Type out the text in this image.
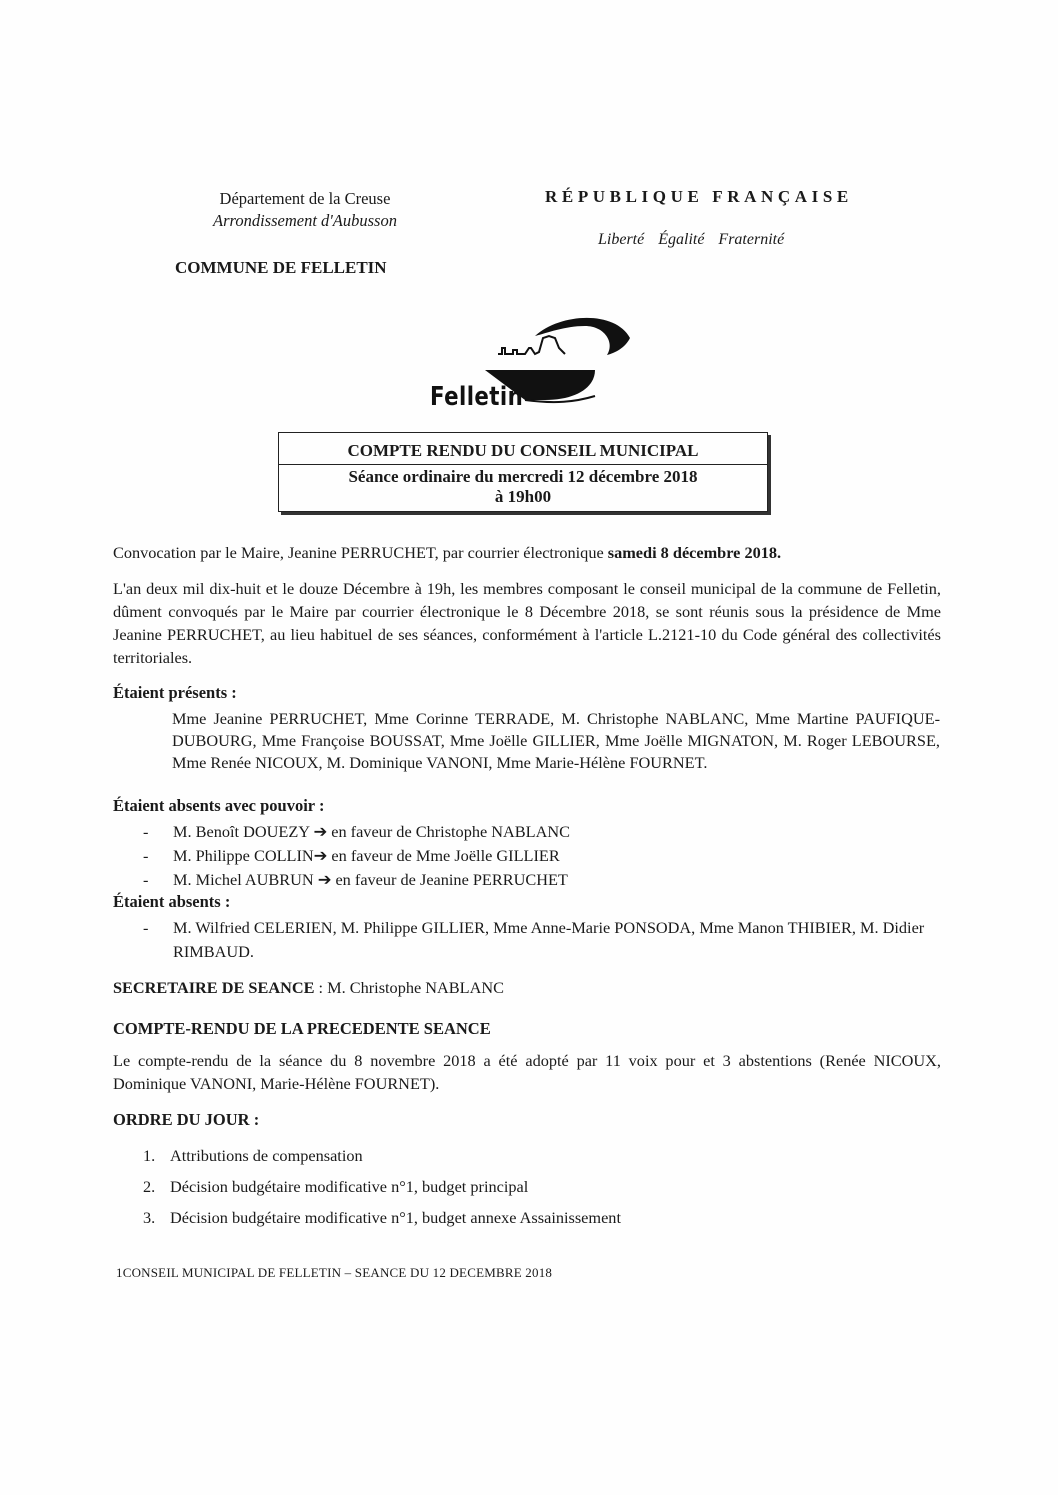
Département de la Creuse
Arrondissement d'Aubusson
COMMUNE DE FELLETIN
RÉPUBLIQUE FRANÇAISE
Liberté Égalité Fraternité
Felletin
COMPTE RENDU DU CONSEIL MUNICIPAL
Séance ordinaire du mercredi 12 décembre 2018
à 19h00
Convocation par le Maire, Jeanine PERRUCHET, par courrier électronique samedi 8 décembre 2018.
L'an deux mil dix-huit et le douze Décembre à 19h, les membres composant le conseil municipal de la commune de Felletin, dûment convoqués par le Maire par courrier électronique le 8 Décembre 2018, se sont réunis sous la présidence de Mme Jeanine PERRUCHET, au lieu habituel de ses séances, conformément à l'article L.2121-10 du Code général des collectivités territoriales.
Étaient présents :
Mme Jeanine PERRUCHET, Mme Corinne TERRADE, M. Christophe NABLANC, Mme Martine PAUFIQUE-DUBOURG, Mme Françoise BOUSSAT, Mme Joëlle GILLIER, Mme Joëlle MIGNATON, M. Roger LEBOURSE, Mme Renée NICOUX, M. Dominique VANONI, Mme Marie-Hélène FOURNET.
Étaient absents avec pouvoir :
- M. Benoît DOUEZY ➔ en faveur de Christophe NABLANC
- M. Philippe COLLIN➔ en faveur de Mme Joëlle GILLIER
- M. Michel AUBRUN ➔ en faveur de Jeanine PERRUCHET
Étaient absents :
- M. Wilfried CELERIEN, M. Philippe GILLIER, Mme Anne-Marie PONSODA, Mme Manon THIBIER, M. Didier RIMBAUD.
SECRETAIRE DE SEANCE : M. Christophe NABLANC
COMPTE-RENDU DE LA PRECEDENTE SEANCE
Le compte-rendu de la séance du 8 novembre 2018 a été adopté par 11 voix pour et 3 abstentions (Renée NICOUX, Dominique VANONI, Marie-Hélène FOURNET).
ORDRE DU JOUR :
1. Attributions de compensation
2. Décision budgétaire modificative n°1, budget principal
3. Décision budgétaire modificative n°1, budget annexe Assainissement
1CONSEIL MUNICIPAL DE FELLETIN – SEANCE DU 12 DECEMBRE 2018
